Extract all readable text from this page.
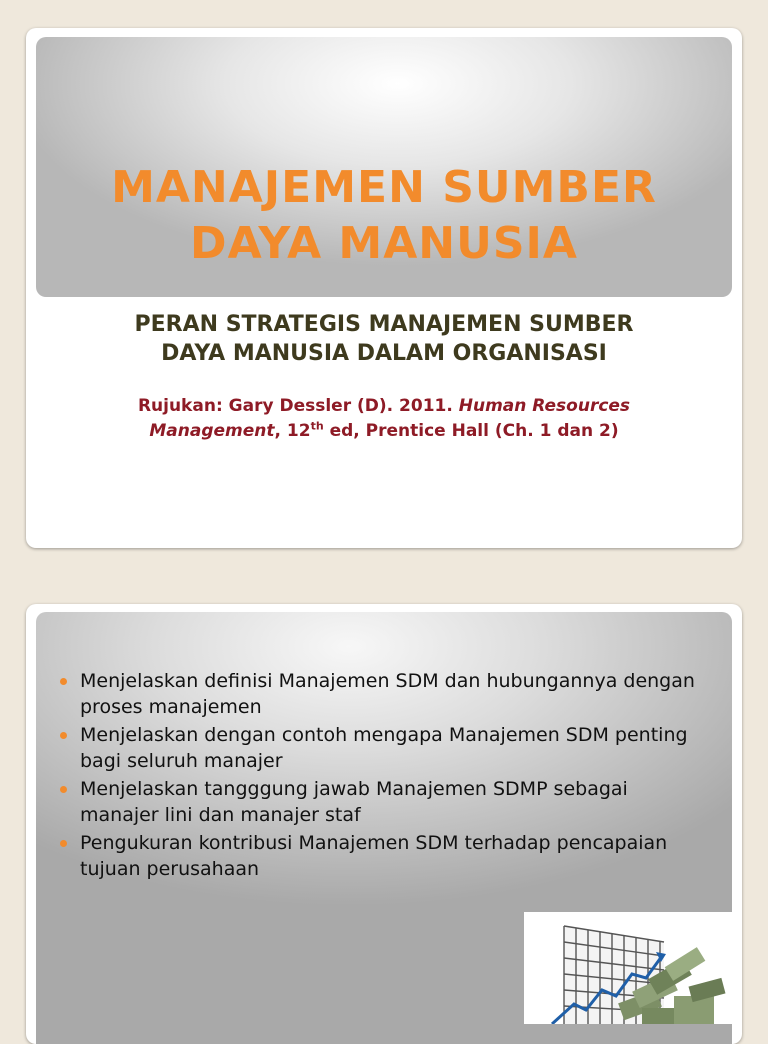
MANAJEMEN SUMBER
DAYA MANUSIA
PERAN STRATEGIS MANAJEMEN SUMBER
DAYA MANUSIA DALAM ORGANISASI
Rujukan: Gary Dessler (D). 2011. Human Resources
Management, 12th ed, Prentice Hall (Ch. 1 dan 2)
Menjelaskan definisi Manajemen SDM dan hubungannya dengan proses manajemen
Menjelaskan dengan contoh mengapa Manajemen SDM penting bagi seluruh manajer
Menjelaskan tangggung jawab Manajemen SDMP sebagai manajer lini dan manajer staf
Pengukuran kontribusi Manajemen SDM terhadap pencapaian tujuan perusahaan
